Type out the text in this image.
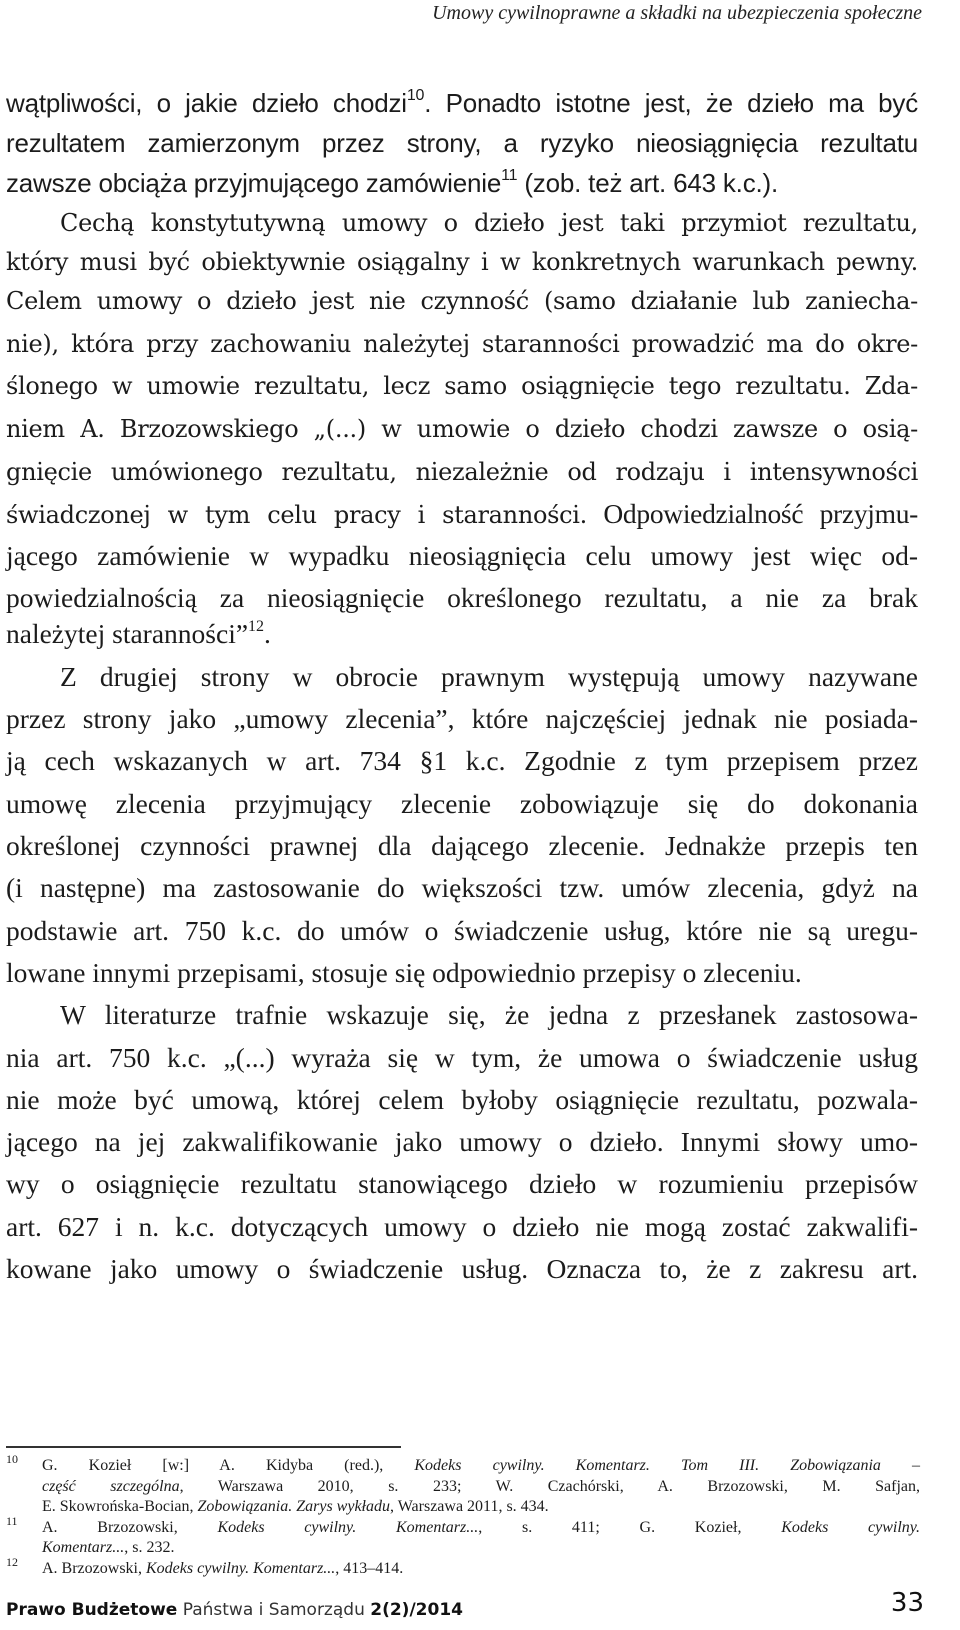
Umowy cywilnoprawne a składki na ubezpieczenia społeczne
wątpliwości, o jakie dzieło chodzi$^{10}$. Ponadto istotne jest, że dzieło ma być
rezultatem zamierzonym przez strony, a ryzyko nieosiągnięcia rezultatu
zawsze obciąża przyjmującego zamówienie$^{11}$ (zob. też art. 643 k.c.).
Cechą konstytutywną umowy o dzieło jest taki przymiot rezultatu,
który musi być obiektywnie osiągalny i w konkretnych warunkach pewny.
Celem umowy o dzieło jest nie czynność (samo działanie lub zaniecha-
nie), która przy zachowaniu należytej staranności prowadzić ma do okre-
ślonego w umowie rezultatu, lecz samo osiągnięcie tego rezultatu. Zda-
niem A. Brzozowskiego „(...) w umowie o dzieło chodzi zawsze o osią-
gnięcie umówionego rezultatu, niezależnie od rodzaju i intensywności
świadczonej w tym celu pracy i staranności. Odpowiedzialność przyjmu-
jącego zamówienie w wypadku nieosiągnięcia celu umowy jest więc od-
powiedzialnością za nieosiągnięcie określonego rezultatu, a nie za brak
należytej staranności”$^{12}$.
Z drugiej strony w obrocie prawnym występują umowy nazywane
przez strony jako „umowy zlecenia”, które najczęściej jednak nie posiada-
ją cech wskazanych w art. 734 §1 k.c. Zgodnie z tym przepisem przez
umowę zlecenia przyjmujący zlecenie zobowiązuje się do dokonania
określonej czynności prawnej dla dającego zlecenie. Jednakże przepis ten
(i następne) ma zastosowanie do większości tzw. umów zlecenia, gdyż na
podstawie art. 750 k.c. do umów o świadczenie usług, które nie są uregu-
lowane innymi przepisami, stosuje się odpowiednio przepisy o zleceniu.
W literaturze trafnie wskazuje się, że jedna z przesłanek zastosowa-
nia art. 750 k.c. „(...) wyraża się w tym, że umowa o świadczenie usług
nie może być umową, której celem byłoby osiągnięcie rezultatu, pozwala-
jącego na jej zakwalifikowanie jako umowy o dzieło. Innymi słowy umo-
wy o osiągnięcie rezultatu stanowiącego dzieło w rozumieniu przepisów
art. 627 i n. k.c. dotyczących umowy o dzieło nie mogą zostać zakwalifi-
kowane jako umowy o świadczenie usług. Oznacza to, że z zakresu art.
10 G. Kozieł [w:] A. Kidyba (red.), Kodeks cywilny. Komentarz. Tom III. Zobowiązania –
część szczególna, Warszawa 2010, s. 233; W. Czachórski, A. Brzozowski, M. Safjan,
E. Skowrońska-Bocian, Zobowiązania. Zarys wykładu, Warszawa 2011, s. 434.
11 A. Brzozowski, Kodeks cywilny. Komentarz..., s. 411; G. Kozieł, Kodeks cywilny.
Komentarz..., s. 232.
12 A. Brzozowski, Kodeks cywilny. Komentarz..., 413–414.
Prawo Budżetowe Państwa i Samorządu 2(2)/2014	33
